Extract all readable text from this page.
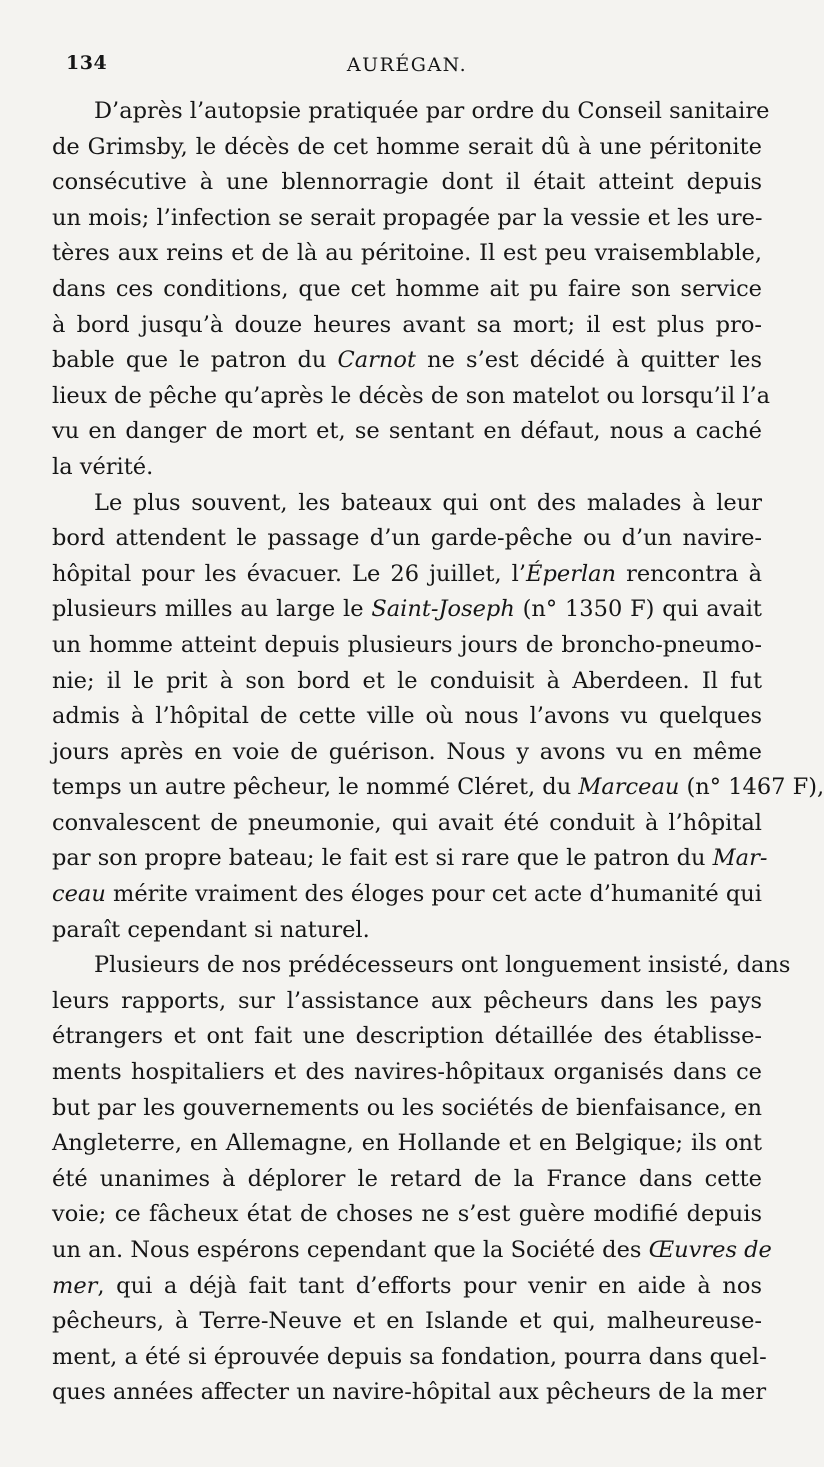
134	AURÉGAN.

D’après l’autopsie pratiquée par ordre du Conseil sanitaire
de Grimsby, le décès de cet homme serait dû à une péritonite
consécutive à une blennorragie dont il était atteint depuis
un mois; l’infection se serait propagée par la vessie et les ure-
tères aux reins et de là au péritoine. Il est peu vraisemblable,
dans ces conditions, que cet homme ait pu faire son service
à bord jusqu’à douze heures avant sa mort; il est plus pro-
bable que le patron du Carnot ne s’est décidé à quitter les
lieux de pêche qu’après le décès de son matelot ou lorsqu’il l’a
vu en danger de mort et, se sentant en défaut, nous a caché
la vérité.

Le plus souvent, les bateaux qui ont des malades à leur
bord attendent le passage d’un garde-pêche ou d’un navire-
hôpital pour les évacuer. Le 26 juillet, l’Éperlan rencontra à
plusieurs milles au large le Saint-Joseph (n° 1350 F) qui avait
un homme atteint depuis plusieurs jours de broncho-pneumo-
nie; il le prit à son bord et le conduisit à Aberdeen. Il fut
admis à l’hôpital de cette ville où nous l’avons vu quelques
jours après en voie de guérison. Nous y avons vu en même
temps un autre pêcheur, le nommé Cléret, du Marceau (n° 1467 F),
convalescent de pneumonie, qui avait été conduit à l’hôpital
par son propre bateau; le fait est si rare que le patron du Mar-
ceau mérite vraiment des éloges pour cet acte d’humanité qui
paraît cependant si naturel.

Plusieurs de nos prédécesseurs ont longuement insisté, dans
leurs rapports, sur l’assistance aux pêcheurs dans les pays
étrangers et ont fait une description détaillée des établisse-
ments hospitaliers et des navires-hôpitaux organisés dans ce
but par les gouvernements ou les sociétés de bienfaisance, en
Angleterre, en Allemagne, en Hollande et en Belgique; ils ont
été unanimes à déplorer le retard de la France dans cette
voie; ce fâcheux état de choses ne s’est guère modifié depuis
un an. Nous espérons cependant que la Société des Œuvres de
mer, qui a déjà fait tant d’efforts pour venir en aide à nos
pêcheurs, à Terre-Neuve et en Islande et qui, malheureuse-
ment, a été si éprouvée depuis sa fondation, pourra dans quel-
ques années affecter un navire-hôpital aux pêcheurs de la mer
